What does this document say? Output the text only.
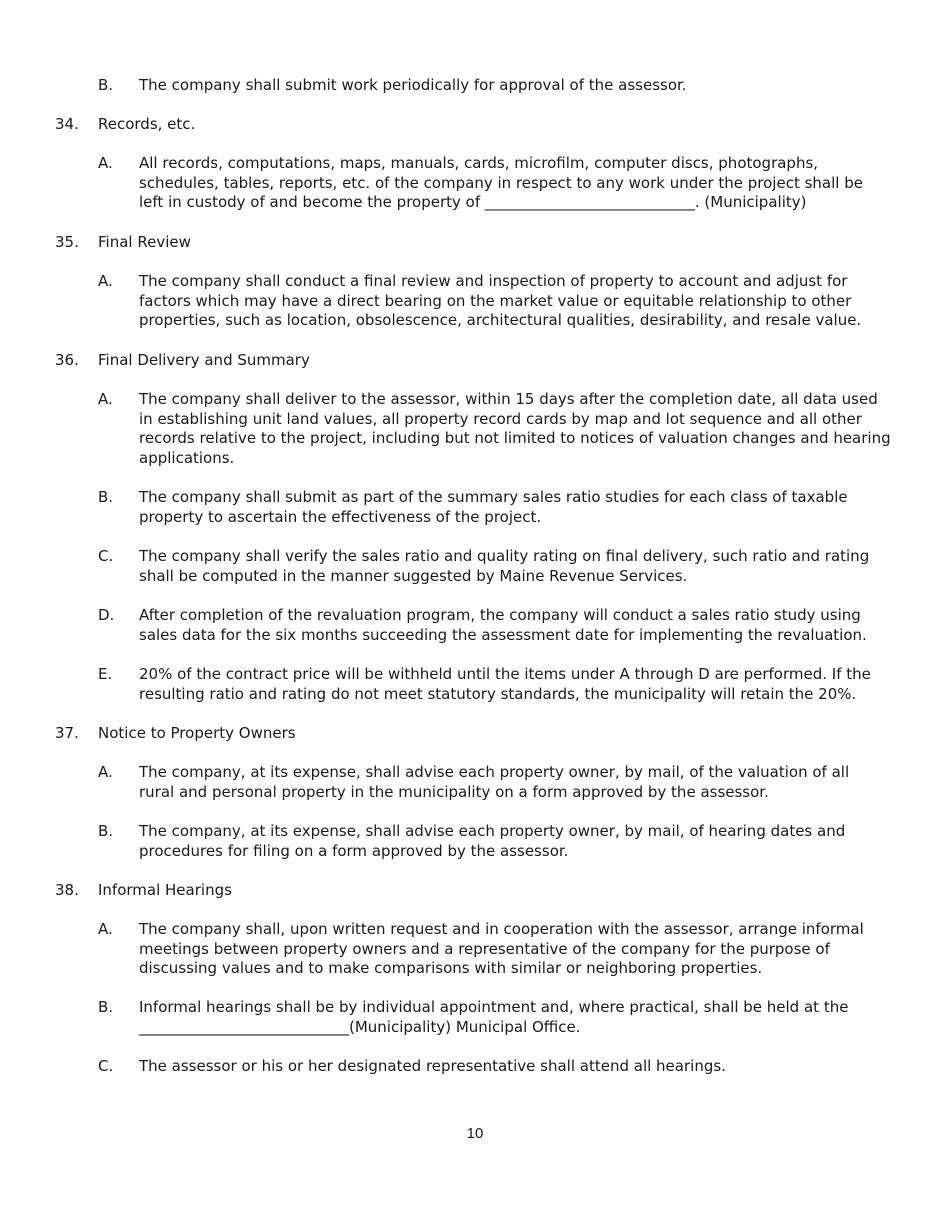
B. The company shall submit work periodically for approval of the assessor.
34. Records, etc.
A. All records, computations, maps, manuals, cards, microfilm, computer discs, photographs, schedules, tables, reports, etc. of the company in respect to any work under the project shall be left in custody of and become the property of ____________________________. (Municipality)
35. Final Review
A. The company shall conduct a final review and inspection of property to account and adjust for factors which may have a direct bearing on the market value or equitable relationship to other properties, such as location, obsolescence, architectural qualities, desirability, and resale value.
36. Final Delivery and Summary
A. The company shall deliver to the assessor, within 15 days after the completion date, all data used in establishing unit land values, all property record cards by map and lot sequence and all other records relative to the project, including but not limited to notices of valuation changes and hearing applications.
B. The company shall submit as part of the summary sales ratio studies for each class of taxable property to ascertain the effectiveness of the project.
C. The company shall verify the sales ratio and quality rating on final delivery, such ratio and rating shall be computed in the manner suggested by Maine Revenue Services.
D. After completion of the revaluation program, the company will conduct a sales ratio study using sales data for the six months succeeding the assessment date for implementing the revaluation.
E. 20% of the contract price will be withheld until the items under A through D are performed. If the resulting ratio and rating do not meet statutory standards, the municipality will retain the 20%.
37. Notice to Property Owners
A. The company, at its expense, shall advise each property owner, by mail, of the valuation of all rural and personal property in the municipality on a form approved by the assessor.
B. The company, at its expense, shall advise each property owner, by mail, of hearing dates and procedures for filing on a form approved by the assessor.
38. Informal Hearings
A. The company shall, upon written request and in cooperation with the assessor, arrange informal meetings between property owners and a representative of the company for the purpose of discussing values and to make comparisons with similar or neighboring properties.
B. Informal hearings shall be by individual appointment and, where practical, shall be held at the ____________________________(Municipality) Municipal Office.
C. The assessor or his or her designated representative shall attend all hearings.
10
